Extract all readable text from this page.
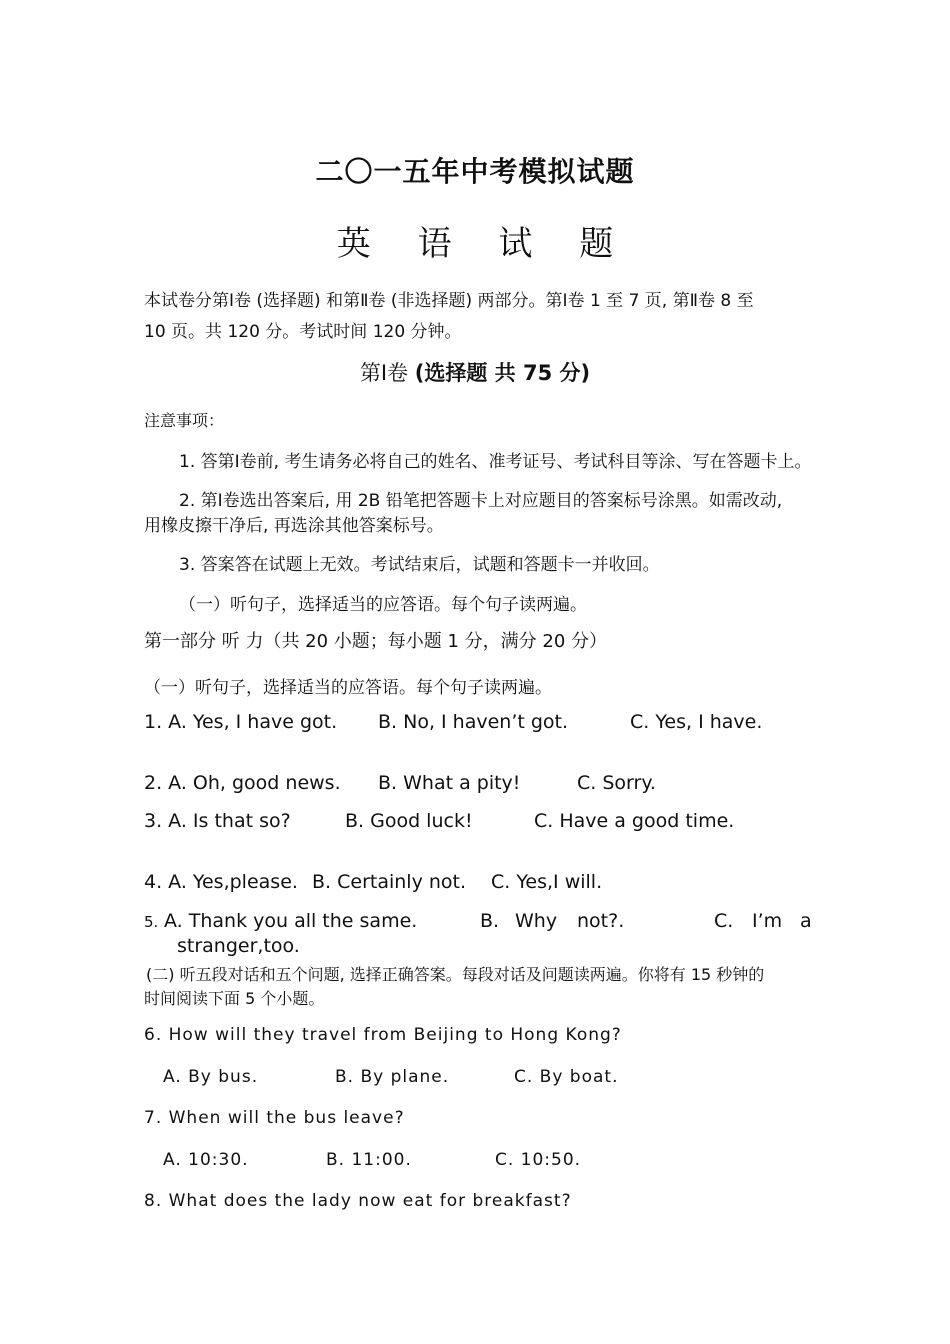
二〇一五年中考模拟试题
英 语 试 题
本试卷分第Ⅰ卷 (选择题) 和第Ⅱ卷 (非选择题) 两部分。第Ⅰ卷 1 至 7 页, 第Ⅱ卷 8 至
10 页。共 120 分。考试时间 120 分钟。
第Ⅰ卷 (选择题 共 75 分)
注意事项：
1. 答第Ⅰ卷前, 考生请务必将自己的姓名、准考证号、考试科目等涂、写在答题卡上。
2. 第Ⅰ卷选出答案后, 用 2B 铅笔把答题卡上对应题目的答案标号涂黑。如需改动,
用橡皮擦干净后, 再选涂其他答案标号。
3. 答案答在试题上无效。考试结束后，试题和答题卡一并收回。
（一）听句子，选择适当的应答语。每个句子读两遍。
第一部分 听 力（共 20 小题；每小题 1 分，满分 20 分）
（一）听句子，选择适当的应答语。每个句子读两遍。
1. A. Yes, I have got. B. No, I haven’t got.	C. Yes, I have.
2. A. Oh, good news. B. What a pity!	C. Sorry.
3. A. Is that so?	B. Good luck!	C. Have a good time.
4. A. Yes,please. B. Certainly not. C. Yes,I will.
5. A. Thank you all the same.	B. Why not?.	C. I’m a
stranger,too.
(二) 听五段对话和五个问题, 选择正确答案。每段对话及问题读两遍。你将有 15 秒钟的
时间阅读下面 5 个小题。
6. How will they travel from Beijing to Hong Kong?
A. By bus.	B. By plane.	C. By boat.
7. When will the bus leave?
A. 10:30.	B. 11:00.	C. 10:50.
8. What does the lady now eat for breakfast?
